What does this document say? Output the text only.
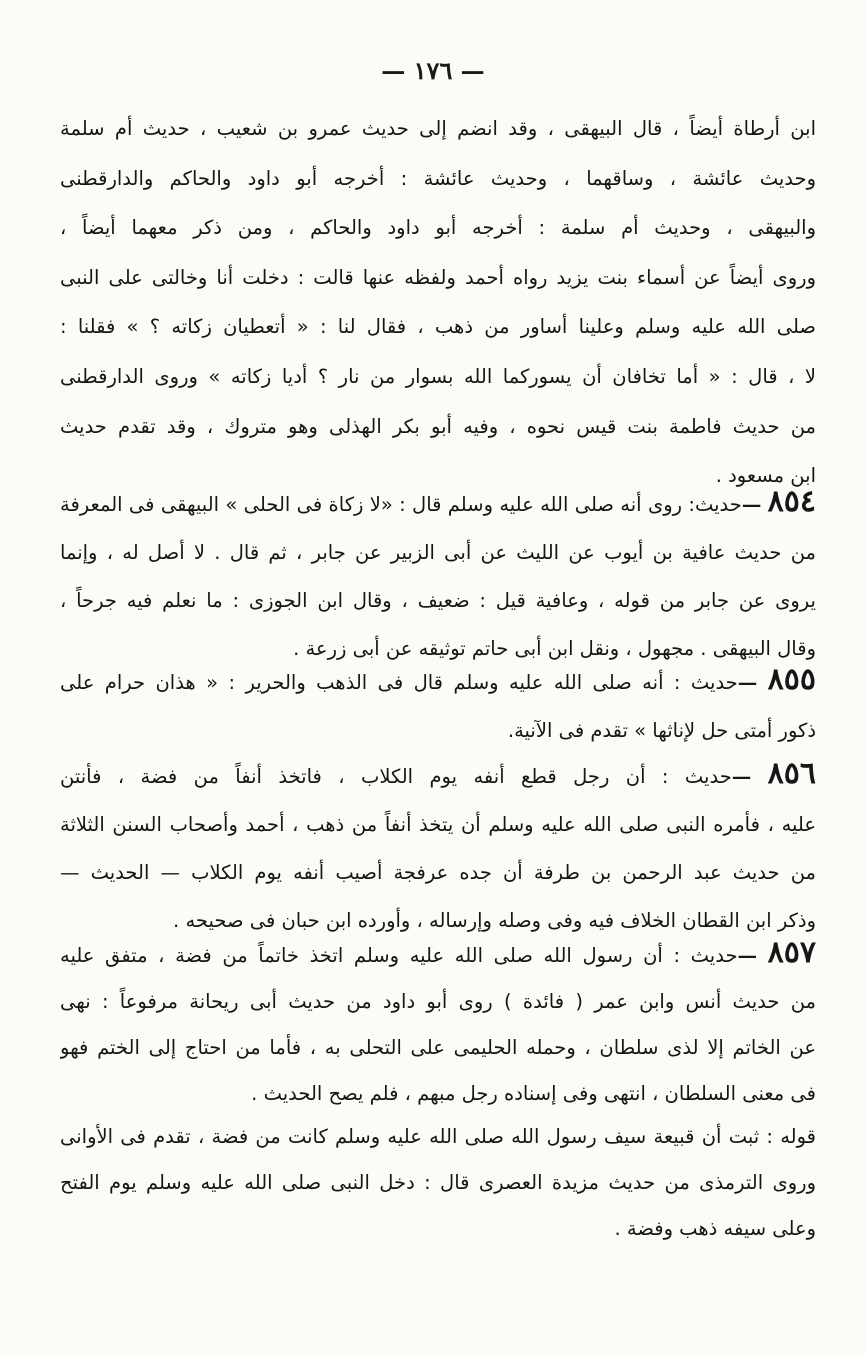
— ١٧٦ —
ابن أرطاة أيضاً ، قال البيهقى ، وقد انضم إلى حديث عمرو بن شعيب ، حديث أم سلمة
وحديث عائشة ، وساقهما ، وحديث عائشة : أخرجه أبو داود والحاكم والدارقطنى
والبيهقى ، وحديث أم سلمة : أخرجه أبو داود والحاكم ، ومن ذكر معهما أيضاً ،
وروى أيضاً عن أسماء بنت يزيد رواه أحمد ولفظه عنها قالت : دخلت أنا وخالتى على النبى
صلى الله عليه وسلم وعلينا أساور من ذهب ، فقال لنا : « أتعطيان زكاته ؟ » فقلنا :
لا ، قال : « أما تخافان أن يسوركما الله بسوار من نار ؟ أديا زكاته » وروى الدارقطنى
من حديث فاطمة بنت قيس نحوه ، وفيه أبو بكر الهذلى وهو متروك ، وقد تقدم حديث
ابن مسعود .
٨٥٤ —حديث: روى أنه صلى الله عليه وسلم قال : «لا زكاة فى الحلى » البيهقى فى المعرفة
من حديث عافية بن أيوب عن الليث عن أبى الزبير عن جابر ، ثم قال . لا أصل له ، وإنما
يروى عن جابر من قوله ، وعافية قيل : ضعيف ، وقال ابن الجوزى : ما نعلم فيه جرحاً ،
وقال البيهقى . مجهول ، ونقل ابن أبى حاتم توثيقه عن أبى زرعة .
٨٥٥ —حديث : أنه صلى الله عليه وسلم قال فى الذهب والحرير : « هذان حرام على
ذكور أمتى حل لإناثها » تقدم فى الآنية.
٨٥٦ —حديث : أن رجل قطع أنفه يوم الكلاب ، فاتخذ أنفاً من فضة ، فأنتن
عليه ، فأمره النبى صلى الله عليه وسلم أن يتخذ أنفاً من ذهب ، أحمد وأصحاب السنن الثلاثة
من حديث عبد الرحمن بن طرفة أن جده عرفجة أصيب أنفه يوم الكلاب — الحديث —
وذكر ابن القطان الخلاف فيه وفى وصله وإرساله ، وأورده ابن حبان فى صحيحه .
٨٥٧ —حديث : أن رسول الله صلى الله عليه وسلم اتخذ خاتماً من فضة ، متفق عليه
من حديث أنس وابن عمر ( فائدة ) روى أبو داود من حديث أبى ريحانة مرفوعاً : نهى
عن الخاتم إلا لذى سلطان ، وحمله الحليمى على التحلى به ، فأما من احتاج إلى الختم فهو
فى معنى السلطان ، انتهى وفى إسناده رجل مبهم ، فلم يصح الحديث .
قوله : ثبت أن قبيعة سيف رسول الله صلى الله عليه وسلم كانت من فضة ، تقدم فى الأوانى
وروى الترمذى من حديث مزيدة العصرى قال : دخل النبى صلى الله عليه وسلم يوم الفتح
وعلى سيفه ذهب وفضة .
